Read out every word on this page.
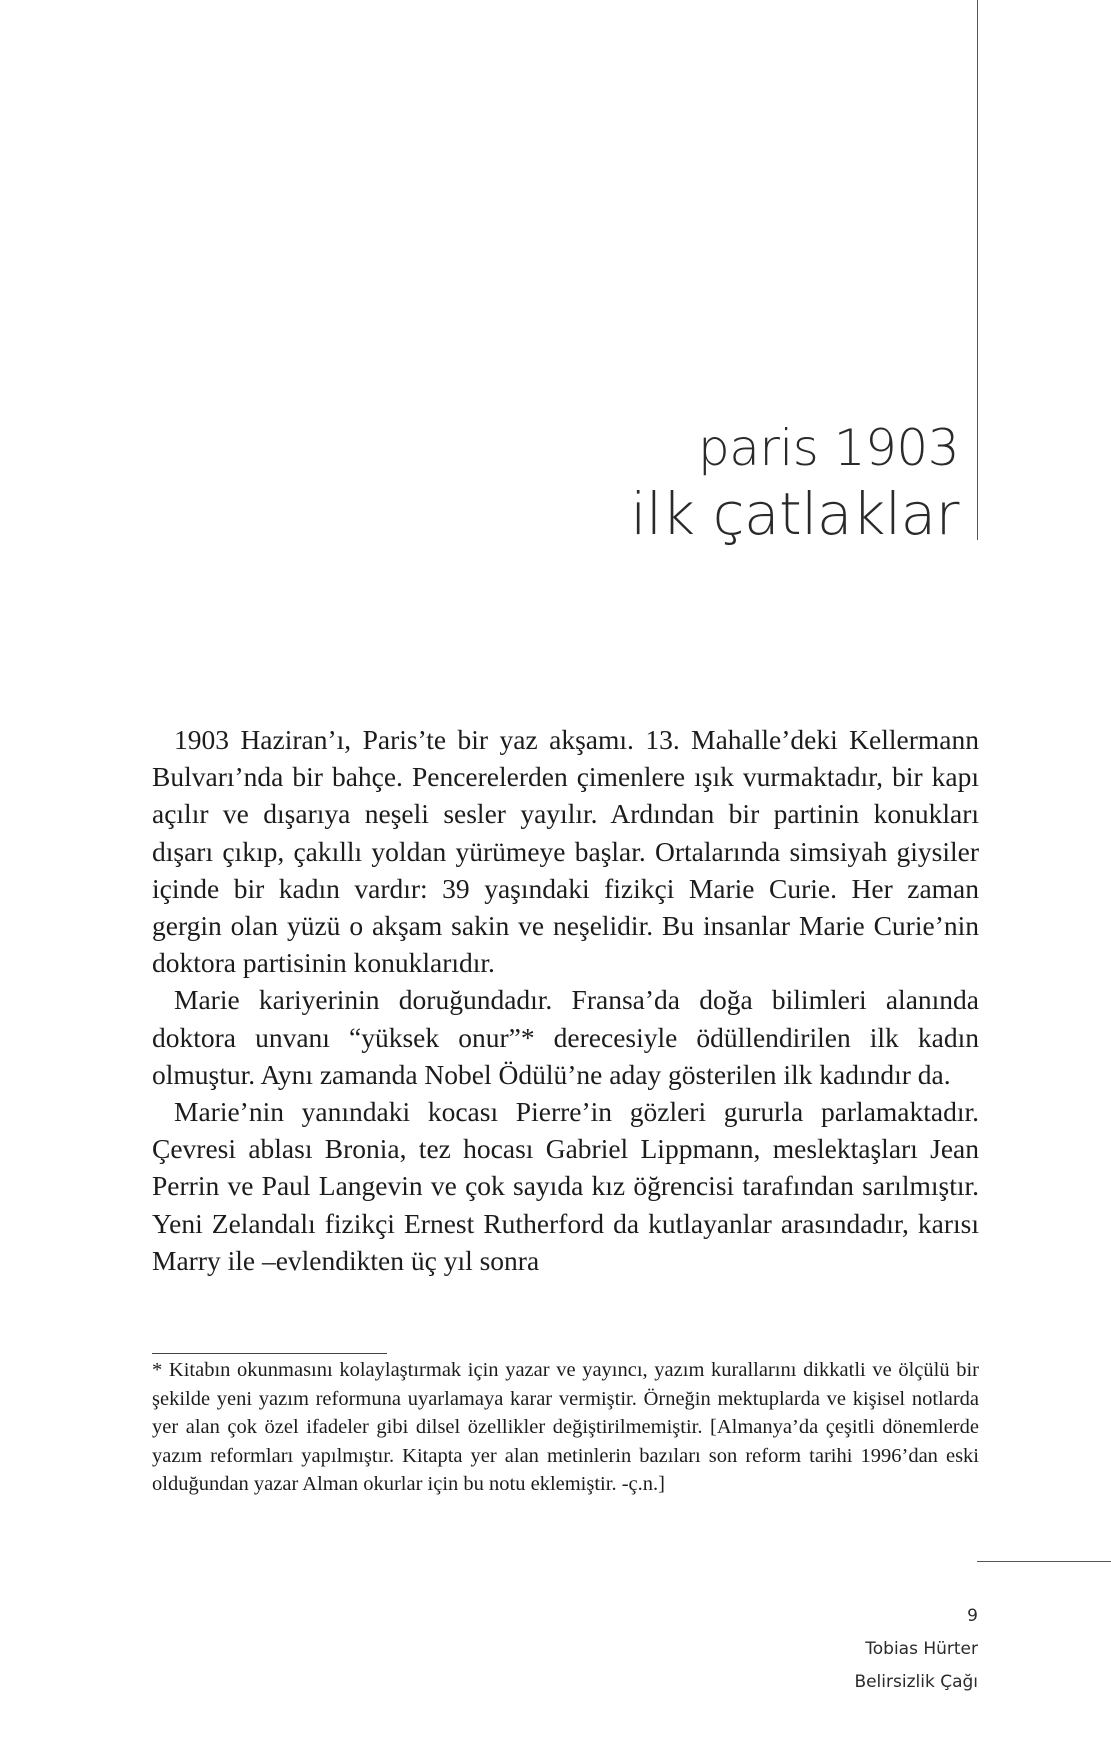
paris 1903
ilk çatlaklar

1903 Haziran’ı, Paris’te bir yaz akşamı. 13. Mahalle’deki Kellermann Bulvarı’nda bir bahçe. Pencerelerden çimenlere ışık vurmaktadır, bir kapı açılır ve dışarıya neşeli sesler yayılır. Ardından bir partinin konukları dışarı çıkıp, çakıllı yoldan yürümeye başlar. Ortalarında simsiyah giysiler içinde bir kadın vardır: 39 yaşındaki fizikçi Marie Curie. Her zaman gergin olan yüzü o akşam sakin ve neşelidir. Bu insanlar Marie Curie’nin doktora partisinin konuklarıdır.

Marie kariyerinin doruğundadır. Fransa’da doğa bilimleri alanında doktora unvanı “yüksek onur”* derecesiyle ödüllendirilen ilk kadın olmuştur. Aynı zamanda Nobel Ödülü’ne aday gösterilen ilk kadındır da.

Marie’nin yanındaki kocası Pierre’in gözleri gururla parlamaktadır. Çevresi ablası Bronia, tez hocası Gabriel Lippmann, meslektaşları Jean Perrin ve Paul Langevin ve çok sayıda kız öğrencisi tarafından sarılmıştır. Yeni Zelandalı fizikçi Ernest Rutherford da kutlayanlar arasındadır, karısı Marry ile –evlendikten üç yıl sonra

* Kitabın okunmasını kolaylaştırmak için yazar ve yayıncı, yazım kurallarını dikkatli ve ölçülü bir şekilde yeni yazım reformuna uyarlamaya karar vermiştir. Örneğin mektuplarda ve kişisel notlarda yer alan çok özel ifadeler gibi dilsel özellikler değiştirilmemiştir. [Almanya’da çeşitli dönemlerde yazım reformları yapılmıştır. Kitapta yer alan metinlerin bazıları son reform tarihi 1996’dan eski olduğundan yazar Alman okurlar için bu notu eklemiştir. -ç.n.]

9
Tobias Hürter
Belirsizlik Çağı
